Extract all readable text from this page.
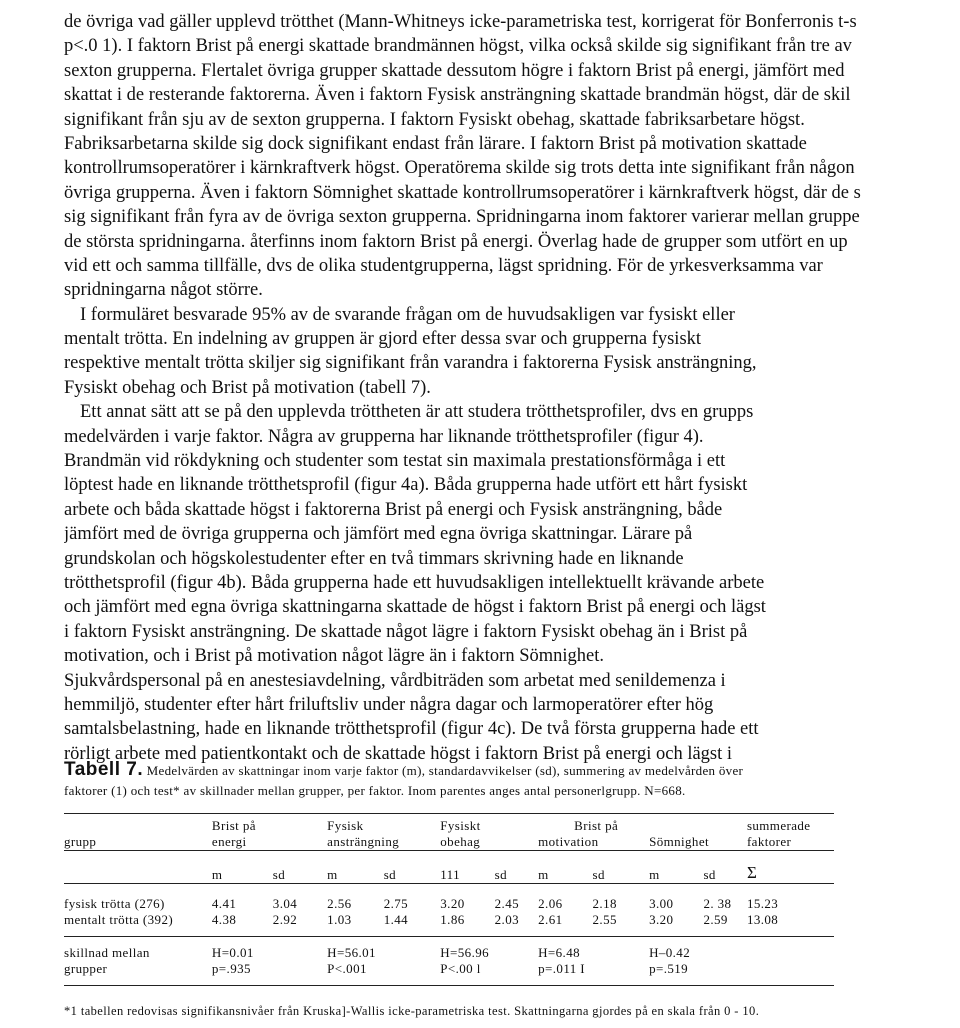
de övriga vad gäller upplevd trötthet (Mann-Whitneys icke-parametriska test, korrigerat för Bonferronis t-s
p<.0 1). I faktorn Brist på energi skattade brandmännen högst, vilka också skilde sig signifikant från tre av
sexton grupperna. Flertalet övriga grupper skattade dessutom högre i faktorn Brist på energi, jämfört med
skattat i de resterande faktorerna. Även i faktorn Fysisk ansträngning skattade brandmän högst, där de skil
signifikant från sju av de sexton grupperna. I faktorn Fysiskt obehag, skattade fabriksarbetare högst.
Fabriksarbetarna skilde sig dock signifikant endast från lärare. I faktorn Brist på motivation skattade
kontrollrumsoperatörer i kärnkraftverk högst. Operatörema skilde sig trots detta inte signifikant från någon
övriga grupperna. Även i faktorn Sömnighet skattade kontrollrumsoperatörer i kärnkraftverk högst, där de s
sig signifikant från fyra av de övriga sexton grupperna. Spridningarna inom faktorer varierar mellan gruppe
de största spridningarna. återfinns inom faktorn Brist på energi. Överlag hade de grupper som utfört en up
vid ett och samma tillfälle, dvs de olika studentgrupperna, lägst spridning. För de yrkesverksamma var
spridningarna något större.
I formuläret besvarade 95% av de svarande frågan om de huvudsakligen var fysiskt eller
mentalt trötta. En indelning av gruppen är gjord efter dessa svar och grupperna fysiskt
respektive mentalt trötta skiljer sig signifikant från varandra i faktorerna Fysisk ansträngning,
Fysiskt obehag och Brist på motivation (tabell 7).
Ett annat sätt att se på den upplevda tröttheten är att studera trötthetsprofiler, dvs en grupps
medelvärden i varje faktor. Några av grupperna har liknande trötthetsprofiler (figur 4).
Brandmän vid rökdykning och studenter som testat sin maximala prestationsförmåga i ett
löptest hade en liknande trötthetsprofil (figur 4a). Båda grupperna hade utfört ett hårt fysiskt
arbete och båda skattade högst i faktorerna Brist på energi och Fysisk ansträngning, både
jämfört med de övriga grupperna och jämfört med egna övriga skattningar. Lärare på
grundskolan och högskolestudenter efter en två timmars skrivning hade en liknande
trötthetsprofil (figur 4b). Båda grupperna hade ett huvudsakligen intellektuellt krävande arbete
och jämfört med egna övriga skattningarna skattade de högst i faktorn Brist på energi och lägst
i faktorn Fysiskt ansträngning. De skattade något lägre i faktorn Fysiskt obehag än i Brist på
motivation, och i Brist på motivation något lägre än i faktorn Sömnighet.
Sjukvårdspersonal på en anestesiavdelning, vårdbiträden som arbetat med senildemenza i
hemmiljö, studenter efter hårt friluftsliv under några dagar och larmoperatörer efter hög
samtalsbelastning, hade en liknande trötthetsprofil (figur 4c). De två första grupperna hade ett
rörligt arbete med patientkontakt och de skattade högst i faktorn Brist på energi och lägst i
Tabell 7. Medelvärden av skattningar inom varje faktor (m), standardavvikelser (sd), summering av medelvården över
faktorer (1) och test* av skillnader mellan grupper, per faktor. Inom parentes anges antal personerlgrupp. N=668.

	Brist på		Fysisk		Fysiskt		Brist på				summerade
grupp	energi		ansträngning		obehag		motivation		Sömnighet		faktorer

	m	sd	m	sd	111	sd	m	sd	m	sd	Σ

fysisk trötta (276)	4.41	3.04	2.56	2.75	3.20	2.45	2.06	2.18	3.00	2. 38	15.23
mentalt trötta (392)	4.38	2.92	1.03	1.44	1.86	2.03	2.61	2.55	3.20	2.59	13.08

skillnad mellan	H=0.01		H=56.01		H=56.96		H=6.48		H–0.42		
grupper	p=.935		P<.001		P<.00 l		p=.011 I		p=.519		

*1 tabellen redovisas signifikansnivåer från Kruska]-Wallis icke-parametriska test. Skattningarna gjordes på en skala från 0 - 10.
